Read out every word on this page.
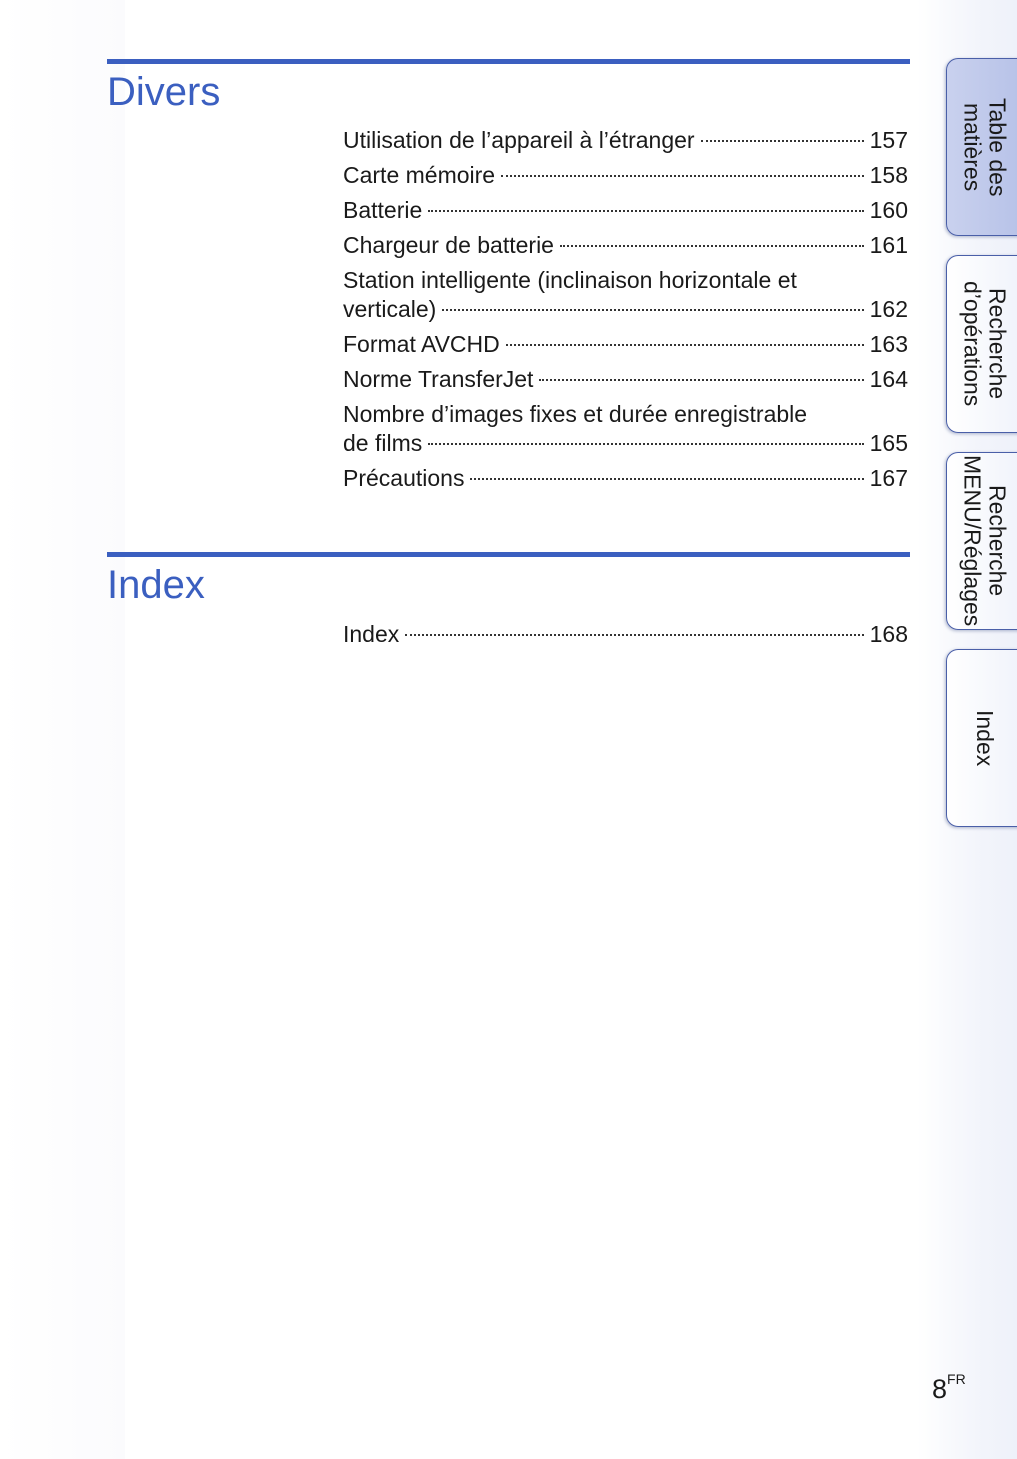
Divers
Utilisation de l’appareil à l’étranger	157
Carte mémoire	158
Batterie	160
Chargeur de batterie	161
Station intelligente (inclinaison horizontale et
verticale)	162
Format AVCHD	163
Norme TransferJet	164
Nombre d’images fixes et durée enregistrable
de films	165
Précautions	167
Index
Index	168
Table des
matières
Recherche
d’opérations
Recherche
MENU/Réglages
Index
$8^{FR}$
